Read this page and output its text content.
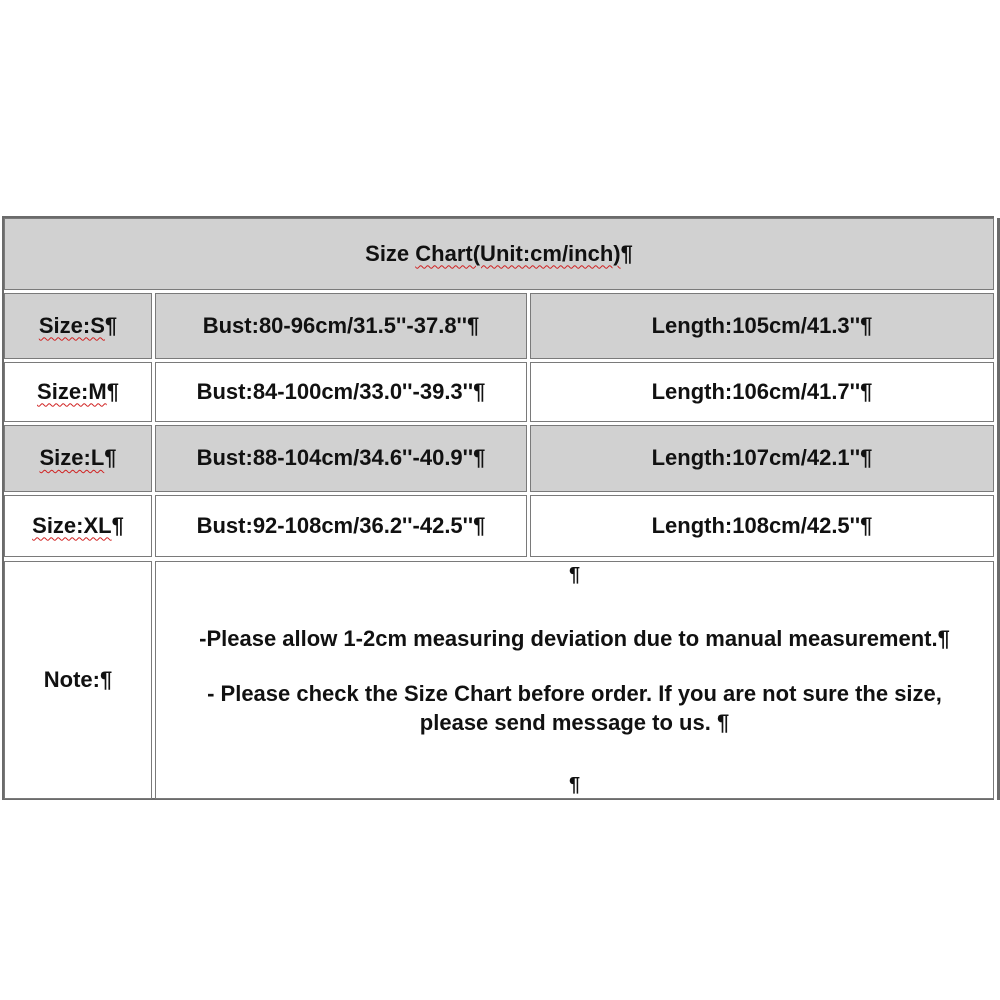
Size Chart(Unit:cm/inch)¶
Size:S¶	Bust:80-96cm/31.5''-37.8''¶	Length:105cm/41.3''¶
Size:M¶	Bust:84-100cm/33.0''-39.3''¶	Length:106cm/41.7''¶
Size:L¶	Bust:88-104cm/34.6''-40.9''¶	Length:107cm/42.1''¶
Size:XL¶	Bust:92-108cm/36.2''-42.5''¶	Length:108cm/42.5''¶
Note:¶
¶
-Please allow 1-2cm measuring deviation due to manual measurement.¶
- Please check the Size Chart before order. If you are not sure the size, please send message to us. ¶
¶
